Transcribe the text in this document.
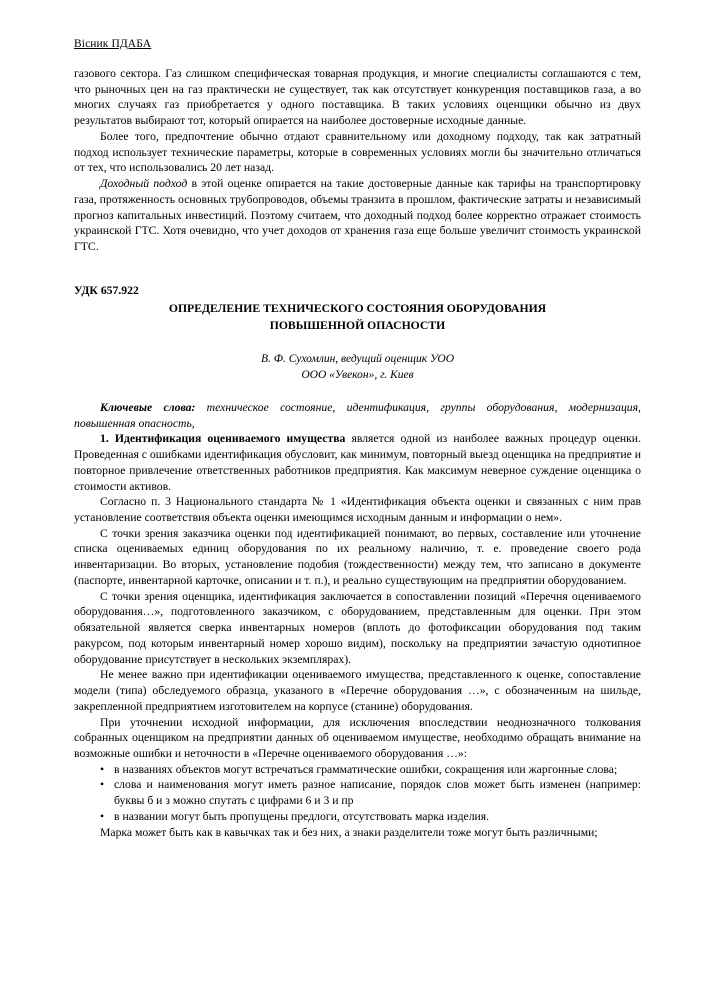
Вісник ПДАБА

газового сектора. Газ слишком специфическая товарная продукция, и многие специалисты соглашаются с тем, что рыночных цен на газ практически не существует, так как отсутствует конкуренция поставщиков газа, а во многих случаях газ приобретается у одного поставщика. В таких условиях оценщики обычно из двух результатов выбирают тот, который опирается на наиболее достоверные исходные данные.

Более того, предпочтение обычно отдают сравнительному или доходному подходу, так как затратный подход использует технические параметры, которые в современных условиях могли бы значительно отличаться от тех, что использовались 20 лет назад.

Доходный подход в этой оценке опирается на такие достоверные данные как тарифы на транспортировку газа, протяженность основных трубопроводов, объемы транзита в прошлом, фактические затраты и независимый прогноз капитальных инвестиций. Поэтому считаем, что доходный подход более корректно отражает стоимость украинской ГТС. Хотя очевидно, что учет доходов от хранения газа еще больше увеличит стоимость украинской ГТС.

УДК 657.922

ОПРЕДЕЛЕНИЕ ТЕХНИЧЕСКОГО СОСТОЯНИЯ ОБОРУДОВАНИЯ

ПОВЫШЕННОЙ ОПАСНОСТИ

В. Ф. Сухомлин, ведущий оценщик УОО

ООО «Увекон», г. Киев

Ключевые слова: техническое состояние, идентификация, группы оборудования, модернизация, повышенная опасность,

1. Идентификация оцениваемого имущества является одной из наиболее важных процедур оценки. Проведенная с ошибками идентификация обусловит, как минимум, повторный выезд оценщика на предприятие и повторное привлечение ответственных работников предприятия. Как максимум неверное суждение оценщика о стоимости активов.

Согласно п. 3 Национального стандарта № 1 «Идентификация объекта оценки и связанных с ним прав установление соответствия объекта оценки имеющимся исходным данным и информации о нем».

С точки зрения заказчика оценки под идентификацией понимают, во первых, составление или уточнение списка оцениваемых единиц оборудования по их реальному наличию, т. е. проведение своего рода инвентаризации. Во вторых, установление подобия (тождественности) между тем, что записано в документе (паспорте, инвентарной карточке, описании и т. п.), и реально существующим на предприятии оборудованием.

С точки зрения оценщика, идентификация заключается в сопоставлении позиций «Перечня оцениваемого оборудования…», подготовленного заказчиком, с оборудованием, представленным для оценки. При этом обязательной является сверка инвентарных номеров (вплоть до фотофиксации оборудования под таким ракурсом, под которым инвентарный номер хорошо видим), поскольку на предприятии зачастую однотипное оборудование присутствует в нескольких экземплярах).

Не менее важно при идентификации оцениваемого имущества, представленного к оценке, сопоставление модели (типа) обследуемого образца, указаного в «Перечне оборудования …», с обозначенным на шильде, закрепленной предприятием изготовителем на корпусе (станине) оборудования.

При уточнении исходной информации, для исключения впоследствии неоднозначного толкования собранных оценщиком на предприятии данных об оцениваемом имуществе, необходимо обращать внимание на возможные ошибки и неточности в «Перечне оцениваемого оборудования …»:

• в названиях объектов могут встречаться грамматические ошибки, сокращения или жаргонные слова;

• слова и наименования могут иметь разное написание, порядок слов может быть изменен (например: буквы б и з можно спутать с цифрами 6 и 3 и пр

• в названии могут быть пропущены предлоги, отсутствовать марка изделия.

Марка может быть как в кавычках так и без них, а знаки разделители тоже могут быть различными;
